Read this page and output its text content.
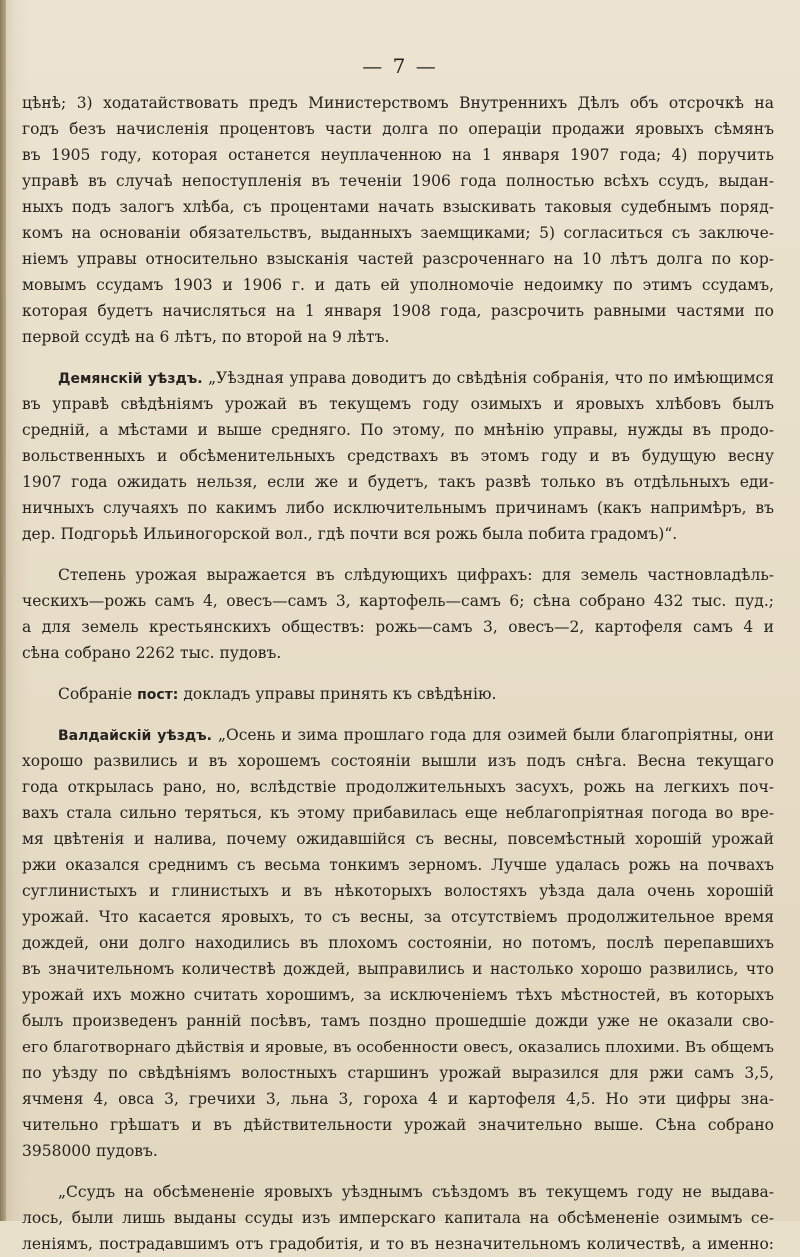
— 7 —
цѣнѣ; 3) ходатайствовать предъ Министерствомъ Внутреннихъ Дѣлъ объ отсрочкѣ на
годъ безъ начисленія процентовъ части долга по операціи продажи яровыхъ сѣмянъ
въ 1905 году, которая останется неуплаченною на 1 января 1907 года; 4) поручить
управѣ въ случаѣ непоступленія въ теченіи 1906 года полностью всѣхъ ссудъ, выдан-
ныхъ подъ залогъ хлѣба, съ процентами начать взыскивать таковыя судебнымъ поряд-
комъ на основаніи обязательствъ, выданныхъ заемщиками; 5) согласиться съ заключе-
ніемъ управы относительно взысканія частей разсроченнаго на 10 лѣтъ долга по кор-
мовымъ ссудамъ 1903 и 1906 г. и дать ей уполномочіе недоимку по этимъ ссудамъ,
которая будетъ начисляться на 1 января 1908 года, разсрочить равными частями по
первой ссудѣ на 6 лѣтъ, по второй на 9 лѣтъ.
Демянскій уѣздъ. „Уѣздная управа доводитъ до свѣдѣнія собранія, что по имѣющимся
въ управѣ свѣдѣніямъ урожай въ текущемъ году озимыхъ и яровыхъ хлѣбовъ былъ
средній, а мѣстами и выше средняго. По этому, по мнѣнію управы, нужды въ продо-
вольственныхъ и обсѣменительныхъ средствахъ въ этомъ году и въ будущую весну
1907 года ожидать нельзя, если же и будетъ, такъ развѣ только въ отдѣльныхъ еди-
ничныхъ случаяхъ по какимъ либо исключительнымъ причинамъ (какъ напримѣръ, въ
дер. Подгорьѣ Ильиногорской вол., гдѣ почти вся рожь была побита градомъ)“.
Степень урожая выражается въ слѣдующихъ цифрахъ: для земель частновладѣль-
ческихъ—рожь самъ 4, овесъ—самъ 3, картофель—самъ 6; сѣна собрано 432 тыс. пуд.;
а для земель крестьянскихъ обществъ: рожь—самъ 3, овесъ—2, картофеля самъ 4 и
сѣна собрано 2262 тыс. пудовъ.
Собраніе пост: докладъ управы принять къ свѣдѣнію.
Валдайскій уѣздъ. „Осень и зима прошлаго года для озимей были благопріятны, они
хорошо развились и въ хорошемъ состояніи вышли изъ подъ снѣга. Весна текущаго
года открылась рано, но, вслѣдствіе продолжительныхъ засухъ, рожь на легкихъ поч-
вахъ стала сильно теряться, къ этому прибавилась еще неблагопріятная погода во вре-
мя цвѣтенія и налива, почему ожидавшійся съ весны, повсемѣстный хорошій урожай
ржи оказался среднимъ съ весьма тонкимъ зерномъ. Лучше удалась рожь на почвахъ
суглинистыхъ и глинистыхъ и въ нѣкоторыхъ волостяхъ уѣзда дала очень хорошій
урожай. Что касается яровыхъ, то съ весны, за отсутствіемъ продолжительное время
дождей, они долго находились въ плохомъ состояніи, но потомъ, послѣ перепавшихъ
въ значительномъ количествѣ дождей, выправились и настолько хорошо развились, что
урожай ихъ можно считать хорошимъ, за исключеніемъ тѣхъ мѣстностей, въ которыхъ
былъ произведенъ ранній посѣвъ, тамъ поздно прошедшіе дожди уже не оказали сво-
его благотворнаго дѣйствія и яровые, въ особенности овесъ, оказались плохими. Въ общемъ
по уѣзду по свѣдѣніямъ волостныхъ старшинъ урожай выразился для ржи самъ 3,5,
ячменя 4, овса 3, гречихи 3, льна 3, гороха 4 и картофеля 4,5. Но эти цифры зна-
чительно грѣшатъ и въ дѣйствительности урожай значительно выше. Сѣна собрано
3958000 пудовъ.
„Ссудъ на обсѣмененіе яровыхъ уѣзднымъ съѣздомъ въ текущемъ году не выдава-
лось, были лишь выданы ссуды изъ имперскаго капитала на обсѣмененіе озимымъ се-
леніямъ, пострадавшимъ отъ градобитія, и то въ незначительномъ количествѣ, а именно:
